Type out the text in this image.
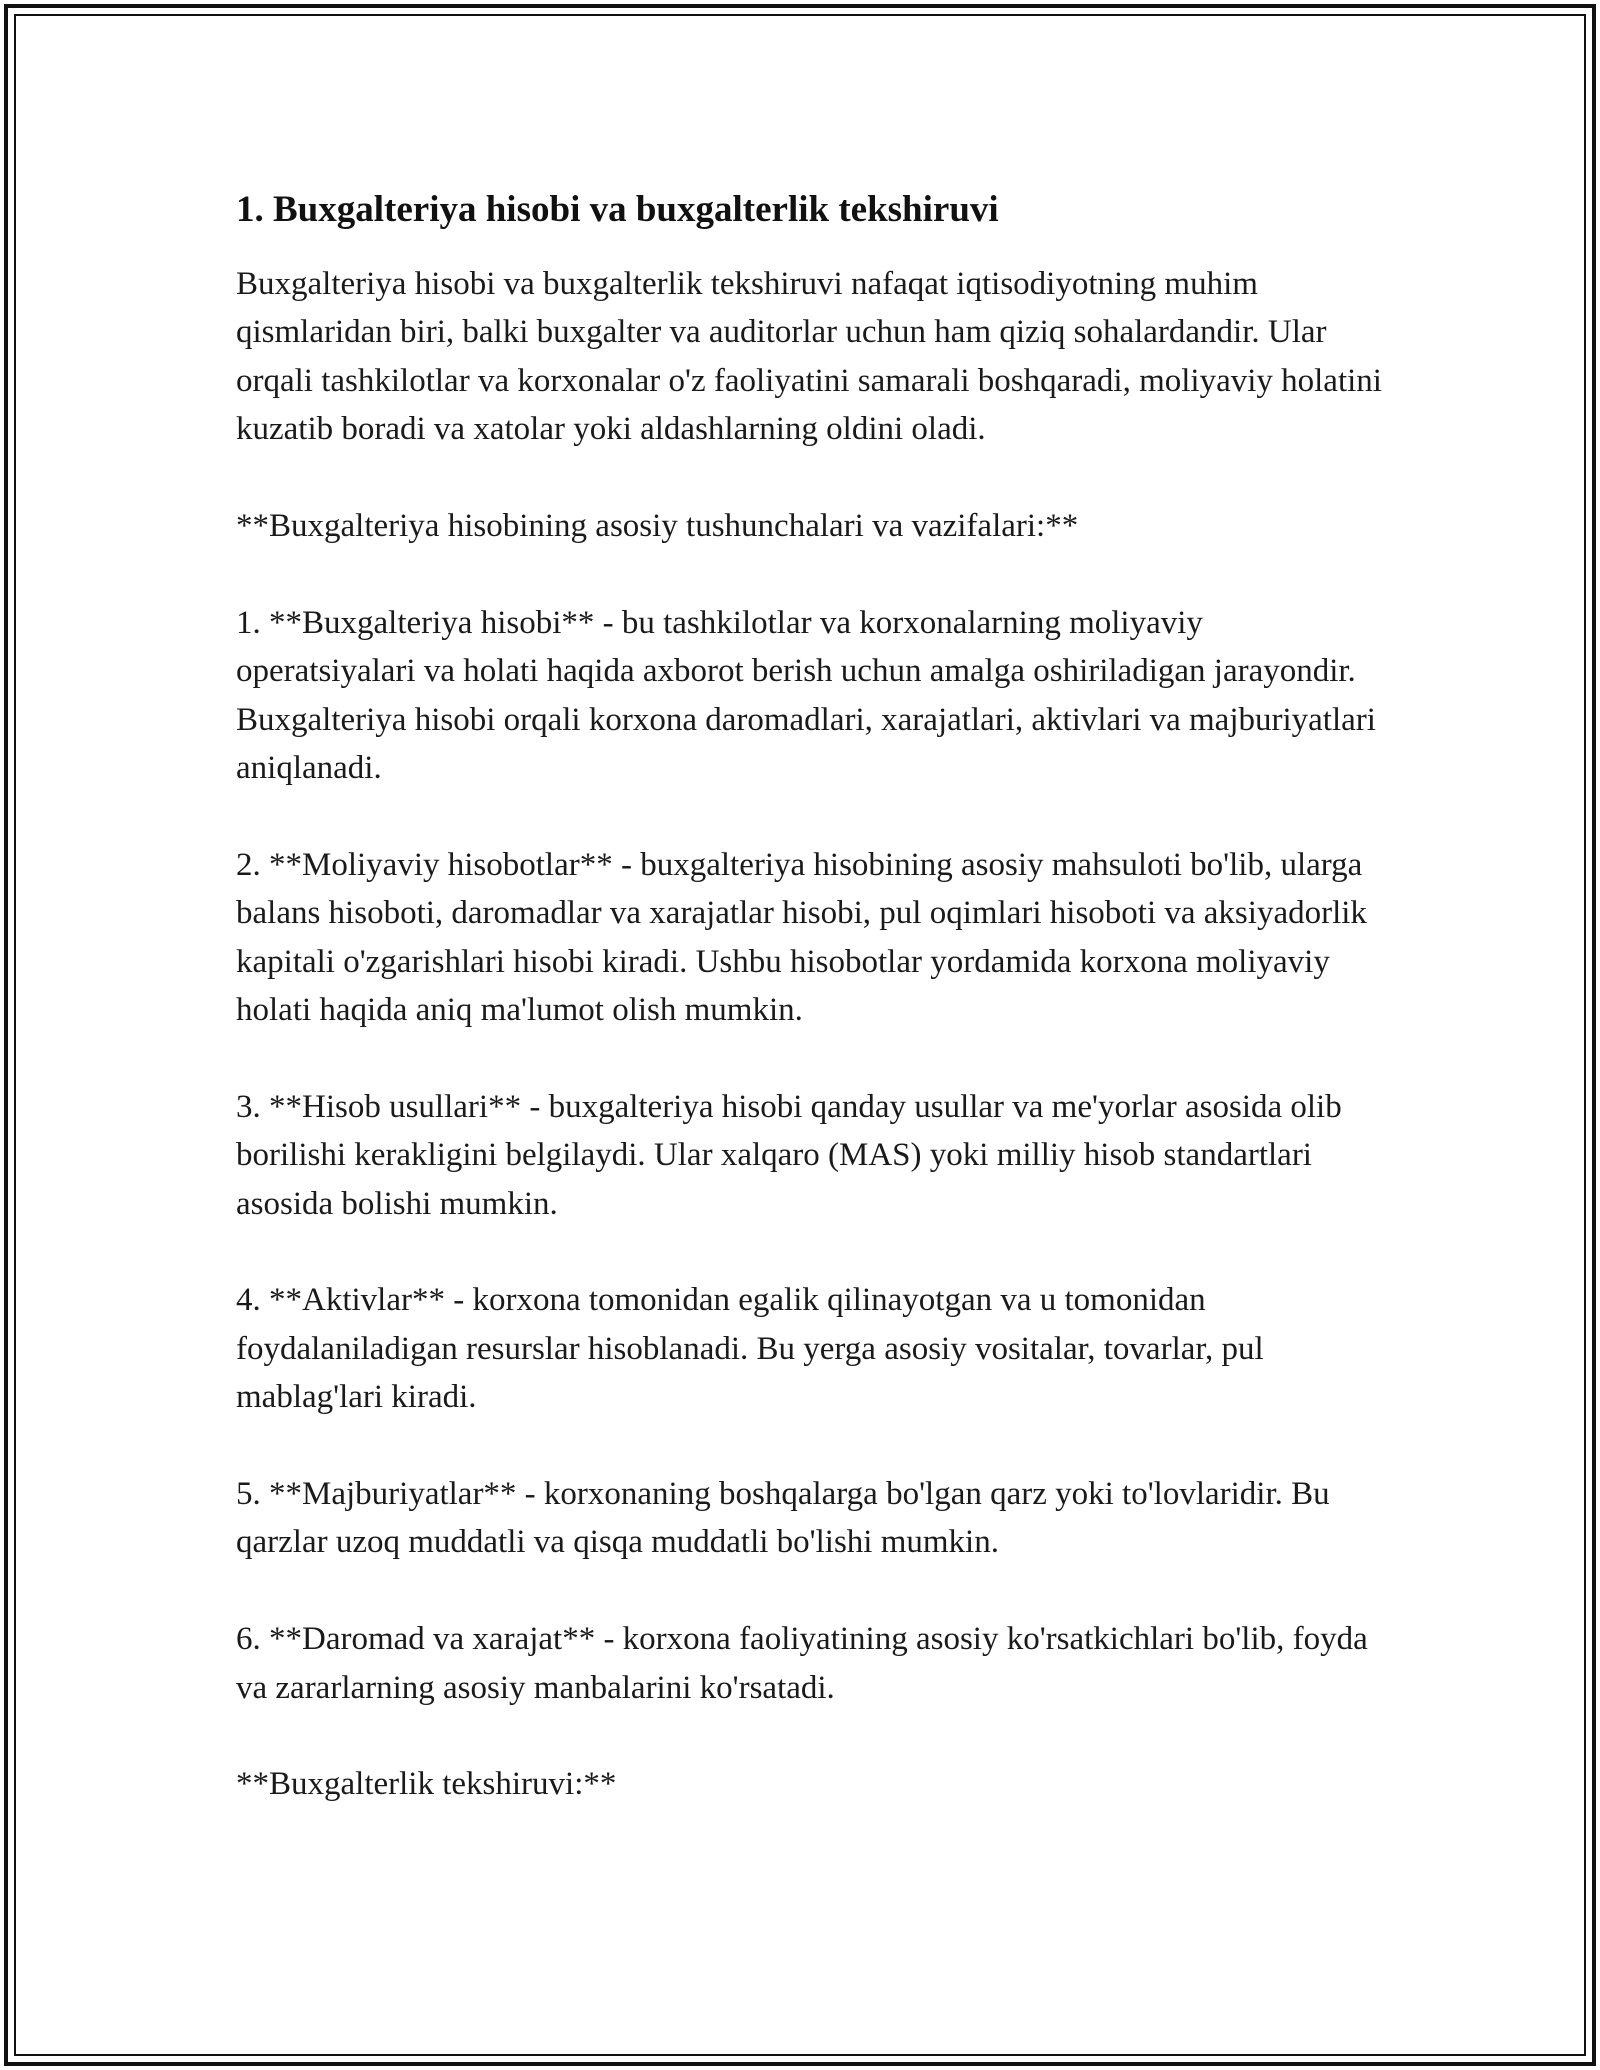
1. Buxgalteriya hisobi va buxgalterlik tekshiruvi

Buxgalteriya hisobi va buxgalterlik tekshiruvi nafaqat iqtisodiyotning muhim qismlaridan biri, balki buxgalter va auditorlar uchun ham qiziq sohalardandir. Ular orqali tashkilotlar va korxonalar o'z faoliyatini samarali boshqaradi, moliyaviy holatini kuzatib boradi va xatolar yoki aldashlarning oldini oladi.

**Buxgalteriya hisobining asosiy tushunchalari va vazifalari:**

1. **Buxgalteriya hisobi** - bu tashkilotlar va korxonalarning moliyaviy operatsiyalari va holati haqida axborot berish uchun amalga oshiriladigan jarayondir. Buxgalteriya hisobi orqali korxona daromadlari, xarajatlari, aktivlari va majburiyatlari aniqlanadi.

2. **Moliyaviy hisobotlar** - buxgalteriya hisobining asosiy mahsuloti bo'lib, ularga balans hisoboti, daromadlar va xarajatlar hisobi, pul oqimlari hisoboti va aksiyadorlik kapitali o'zgarishlari hisobi kiradi. Ushbu hisobotlar yordamida korxona moliyaviy holati haqida aniq ma'lumot olish mumkin.

3. **Hisob usullari** - buxgalteriya hisobi qanday usullar va me'yorlar asosida olib borilishi kerakligini belgilaydi. Ular xalqaro (MAS) yoki milliy hisob standartlari asosida bolishi mumkin.

4. **Aktivlar** - korxona tomonidan egalik qilinayotgan va u tomonidan foydalaniladigan resurslar hisoblanadi. Bu yerga asosiy vositalar, tovarlar, pul mablag'lari kiradi.

5. **Majburiyatlar** - korxonaning boshqalarga bo'lgan qarz yoki to'lovlaridir. Bu qarzlar uzoq muddatli va qisqa muddatli bo'lishi mumkin.

6. **Daromad va xarajat** - korxona faoliyatining asosiy ko'rsatkichlari bo'lib, foyda va zararlarning asosiy manbalarini ko'rsatadi.

**Buxgalterlik tekshiruvi:**
